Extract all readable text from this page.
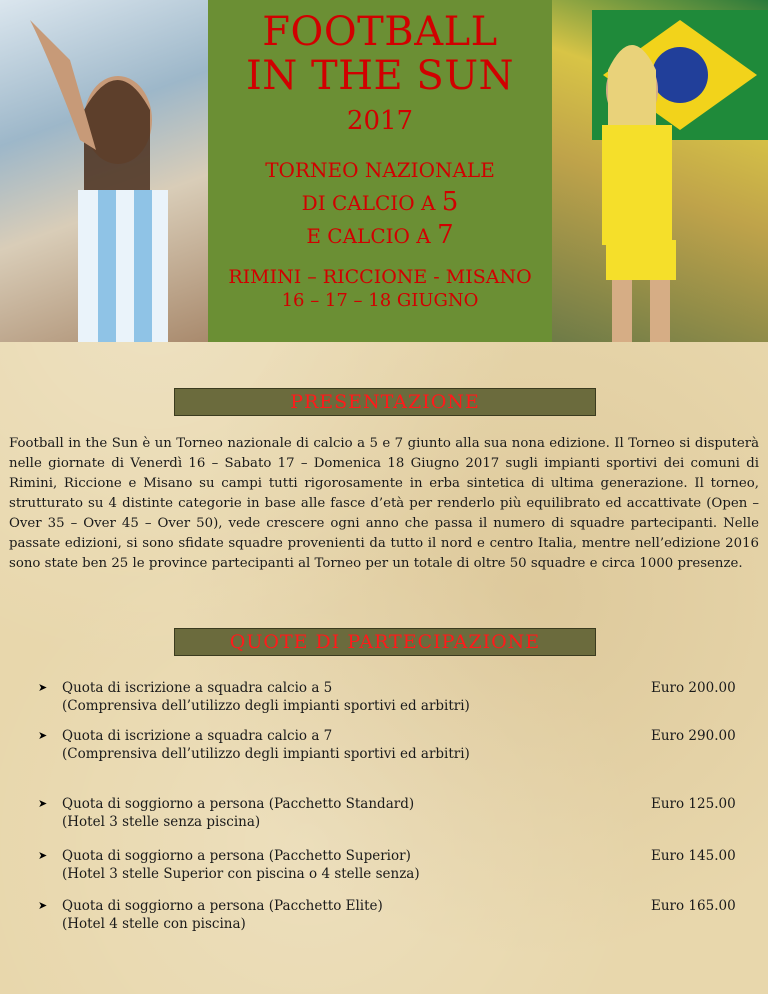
FOOTBALL
IN THE SUN
2017
TORNEO NAZIONALE
DI CALCIO A 5
E CALCIO A 7
RIMINI – RICCIONE - MISANO
16 – 17 – 18 GIUGNO
PRESENTAZIONE
Football in the Sun è un Torneo nazionale di calcio a 5 e 7 giunto alla sua nona edizione. Il Torneo si disputerà nelle giornate di Venerdì 16 – Sabato 17 – Domenica 18 Giugno 2017 sugli impianti sportivi dei comuni di Rimini, Riccione e Misano su campi tutti rigorosamente in erba sintetica di ultima generazione. Il torneo, strutturato su 4 distinte categorie in base alle fasce d’età per renderlo più equilibrato ed accattivate (Open – Over 35 – Over 45 – Over 50), vede crescere ogni anno che passa il numero di squadre partecipanti. Nelle passate edizioni, si sono sfidate squadre provenienti da tutto il nord e centro Italia, mentre nell’edizione 2016 sono state ben 25 le province partecipanti al Torneo per un totale di oltre 50 squadre e circa 1000 presenze.
QUOTE DI PARTECIPAZIONE
➤ Quota di iscrizione a squadra calcio a 5
(Comprensiva dell’utilizzo degli impianti sportivi ed arbitri)
Euro 200.00
➤ Quota di iscrizione a squadra calcio a 7
(Comprensiva dell’utilizzo degli impianti sportivi ed arbitri)
Euro 290.00
➤ Quota di soggiorno a persona (Pacchetto Standard)
(Hotel 3 stelle senza piscina)
Euro 125.00
➤ Quota di soggiorno a persona (Pacchetto Superior)
(Hotel 3 stelle Superior con piscina o 4 stelle senza)
Euro 145.00
➤ Quota di soggiorno a persona (Pacchetto Elite)
(Hotel 4 stelle con piscina)
Euro 165.00
